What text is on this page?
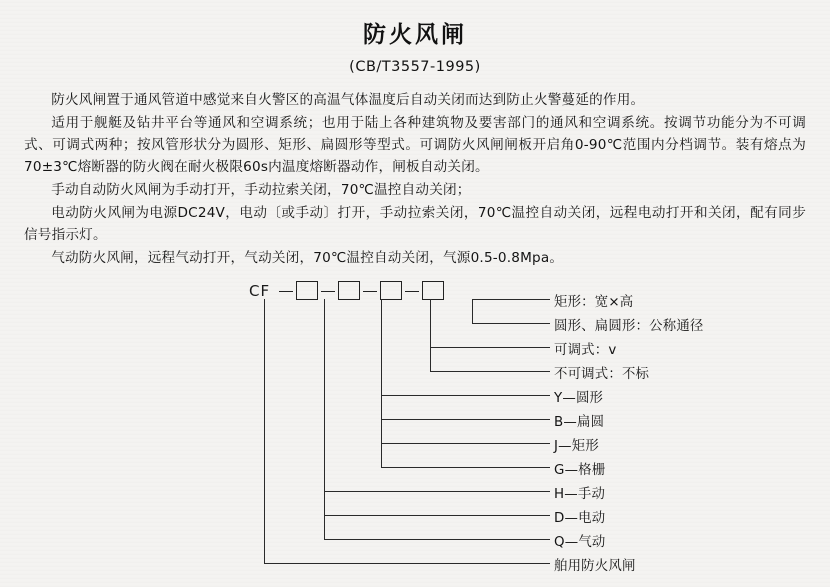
防火风闸
(CB/T3557-1995)

防火风闸置于通风管道中感觉来自火警区的高温气体温度后自动关闭而达到防止火警蔓延的作用。

适用于舰艇及钻井平台等通风和空调系统；也用于陆上各种建筑物及要害部门的通风和空调系统。按调节功能分为不可调式、可调式两种；按风管形状分为圆形、矩形、扁圆形等型式。可调防火风闸闸板开启角0-90℃范围内分档调节。装有熔点为70±3℃熔断器的防火阀在耐火极限60s内温度熔断器动作，闸板自动关闭。

手动自动防火风闸为手动打开，手动拉索关闭，70℃温控自动关闭；

电动防火风闸为电源DC24V，电动〔或手动〕打开，手动拉索关闭，70℃温控自动关闭，远程电动打开和关闭，配有同步信号指示灯。

气动防火风闸，远程气动打开，气动关闭，70℃温控自动关闭，气源0.5-0.8Mpa。

CF
矩形：宽×高
圆形、扁圆形：公称通径
可调式：v
不可调式：不标
Y—圆形
B—扁圆
J—矩形
G—格栅
H—手动
D—电动
Q—气动
舶用防火风闸
